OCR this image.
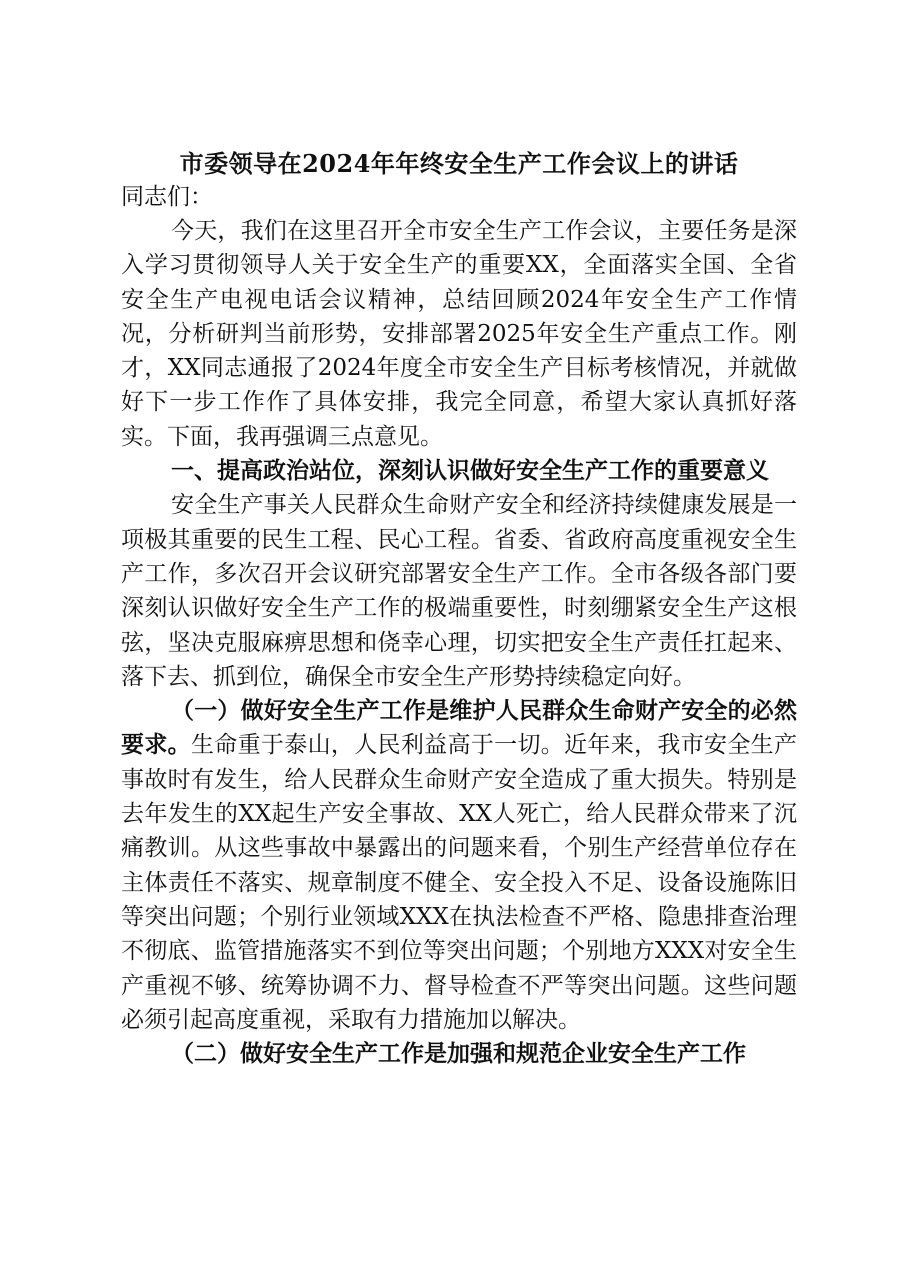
市委领导在2024年年终安全生产工作会议上的讲话

同志们：

今天，我们在这里召开全市安全生产工作会议，主要任务是深入学习贯彻领导人关于安全生产的重要XX，全面落实全国、全省安全生产电视电话会议精神，总结回顾2024年安全生产工作情况，分析研判当前形势，安排部署2025年安全生产重点工作。刚才，XX同志通报了2024年度全市安全生产目标考核情况，并就做好下一步工作作了具体安排，我完全同意，希望大家认真抓好落实。下面，我再强调三点意见。

一、提高政治站位，深刻认识做好安全生产工作的重要意义

安全生产事关人民群众生命财产安全和经济持续健康发展是一项极其重要的民生工程、民心工程。省委、省政府高度重视安全生产工作，多次召开会议研究部署安全生产工作。全市各级各部门要深刻认识做好安全生产工作的极端重要性，时刻绷紧安全生产这根弦，坚决克服麻痹思想和侥幸心理，切实把安全生产责任扛起来、落下去、抓到位，确保全市安全生产形势持续稳定向好。

（一）做好安全生产工作是维护人民群众生命财产安全的必然要求。生命重于泰山，人民利益高于一切。近年来，我市安全生产事故时有发生，给人民群众生命财产安全造成了重大损失。特别是去年发生的XX起生产安全事故、XX人死亡，给人民群众带来了沉痛教训。从这些事故中暴露出的问题来看，个别生产经营单位存在主体责任不落实、规章制度不健全、安全投入不足、设备设施陈旧等突出问题；个别行业领域XXX在执法检查不严格、隐患排查治理不彻底、监管措施落实不到位等突出问题；个别地方XXX对安全生产重视不够、统筹协调不力、督导检查不严等突出问题。这些问题必须引起高度重视，采取有力措施加以解决。

（二）做好安全生产工作是加强和规范企业安全生产工作
